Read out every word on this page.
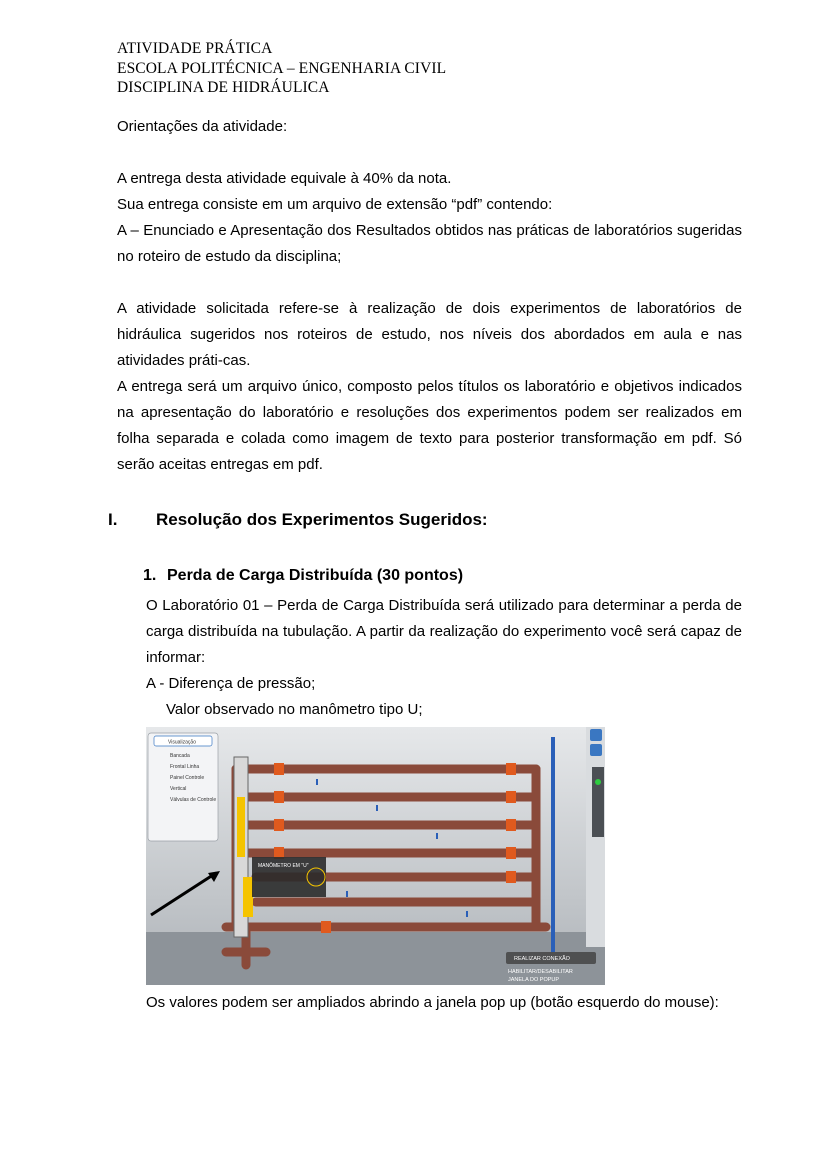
ATIVIDADE PRÁTICA
ESCOLA POLITÉCNICA – ENGENHARIA CIVIL
DISCIPLINA DE HIDRÁULICA

Orientações da atividade:

A entrega desta atividade equivale à 40% da nota.

Sua entrega consiste em um arquivo de extensão “pdf” contendo:

A – Enunciado e Apresentação dos Resultados obtidos nas práticas de laboratórios sugeridas no roteiro de estudo da disciplina;

A atividade solicitada refere-se à realização de dois experimentos de laboratórios de hidráulica sugeridos nos roteiros de estudo, nos níveis dos abordados em aula e nas atividades práti-cas.

A entrega será um arquivo único, composto pelos títulos os laboratório e objetivos indicados na apresentação do laboratório e resoluções dos experimentos podem ser realizados em folha separada e colada como imagem de texto para posterior transformação em pdf. Só serão aceitas entregas em pdf.

I. Resolução dos Experimentos Sugeridos:
1. Perda de Carga Distribuída (30 pontos)

O Laboratório 01 – Perda de Carga Distribuída será utilizado para determinar a perda de carga distribuída na tubulação. A partir da realização do experimento você será capaz de informar:

A - Diferença de pressão;

Valor observado no manômetro tipo U;

Visualização
Bancada
Frontal Linha
Painel Controle
Vertical
Válvulas de Controle
MANÔMETRO EM "U"
REALIZAR CONEXÃO
HABILITAR/DESABILITAR
JANELA DO POPUP
Os valores podem ser ampliados abrindo a janela pop up (botão esquerdo do mouse):
